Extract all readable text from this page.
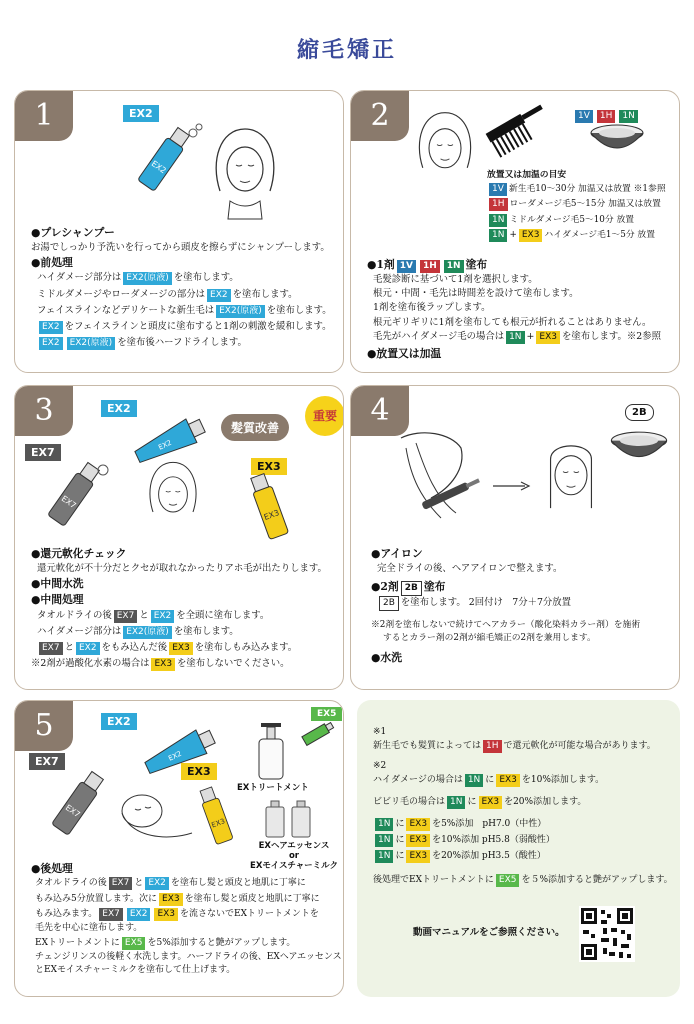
縮毛矯正
1	EX2
EX2
●プレシャンプー
お湯でしっかり予洗いを行ってから頭皮を擦らずにシャンプーします。
●前処理
ハイダメージ部分は EX2(原液) を塗布します。
ミドルダメージやローダメージの部分は EX2 を塗布します。
フェイスラインなどデリケートな新生毛は EX2(原液) を塗布します。
EX2 をフェイスラインと頭皮に塗布すると1剤の刺激を緩和します。
EX2 EX2(原液) を塗布後ハーフドライします。
2	1V 1H 1N
放置又は加温の目安
1V 新生毛10～30分 加温又は放置 ※1参照
1H ローダメージ毛5～15分 加温又は放置
1N ミドルダメージ毛5～10分 放置
1N + EX3 ハイダメージ毛1～5分 放置
●1剤 1V 1H 1N 塗布
毛髪診断に基づいて1剤を選択します。
根元・中間・毛先は時間差を設けて塗布します。
1剤を塗布後ラップします。
根元ギリギリに1剤を塗布しても根元が折れることはありません。
毛先がハイダメージ毛の場合は 1N + EX3 を塗布します。※2参照
●放置又は加温
3	EX2
EX2
EX7
EX7
髪質改善
重要
EX3
EX3
●還元軟化チェック
還元軟化が不十分だとクセが取れなかったりアホ毛が出たりします。
●中間水洗
●中間処理
タオルドライの後 EX7 と EX2 を全頭に塗布します。
ハイダメージ部分は EX2(原液) を塗布します。
EX7 と EX2 をもみ込んだ後 EX3 を塗布しもみ込みます。
※2剤が過酸化水素の場合は EX3 を塗布しないでください。
4	2B
●アイロン
完全ドライの後、ヘアアイロンで整えます。
●2剤 2B 塗布
2B を塗布します。 2回付け　7分＋7分放置
※2剤を塗布しないで続けてヘアカラー（酸化染料カラー剤）を施術
するとカラー剤の2剤が縮毛矯正の2剤を兼用します。
●水洗
5	EX2
EX2
EX7
EX7
EX3
EX3
EX5
EXトリートメント
EXヘアエッセンス
or
EXモイスチャーミルク
●後処理
タオルドライの後 EX7 と EX2 を塗布し髪と頭皮と地肌に丁寧に
もみ込み5分放置します。次に EX3 を塗布し髪と頭皮と地肌に丁寧に
もみ込みます。 EX7 EX2 EX3 を流さないでEXトリートメントを
毛先を中心に塗布します。
EXトリートメントに EX5 を5%添加すると艶がアップします。
チェンジリンスの後軽く水洗します。ハーフドライの後、EXヘアエッセンス
とEXモイスチャーミルクを塗布して仕上げます。
※1
新生毛でも髪質によっては 1H で還元軟化が可能な場合があります。
※2
ハイダメージの場合は 1N に EX3 を10%添加します。
ビビリ毛の場合は 1N に EX3 を20%添加します。
1N に EX3 を5%添加　pH7.0（中性）
1N に EX3 を10%添加 pH5.8（弱酸性）
1N に EX3 を20%添加 pH3.5（酸性）
後処理でEXトリートメントに EX5 を５%添加すると艶がアップします。
動画マニュアルをご参照ください。
